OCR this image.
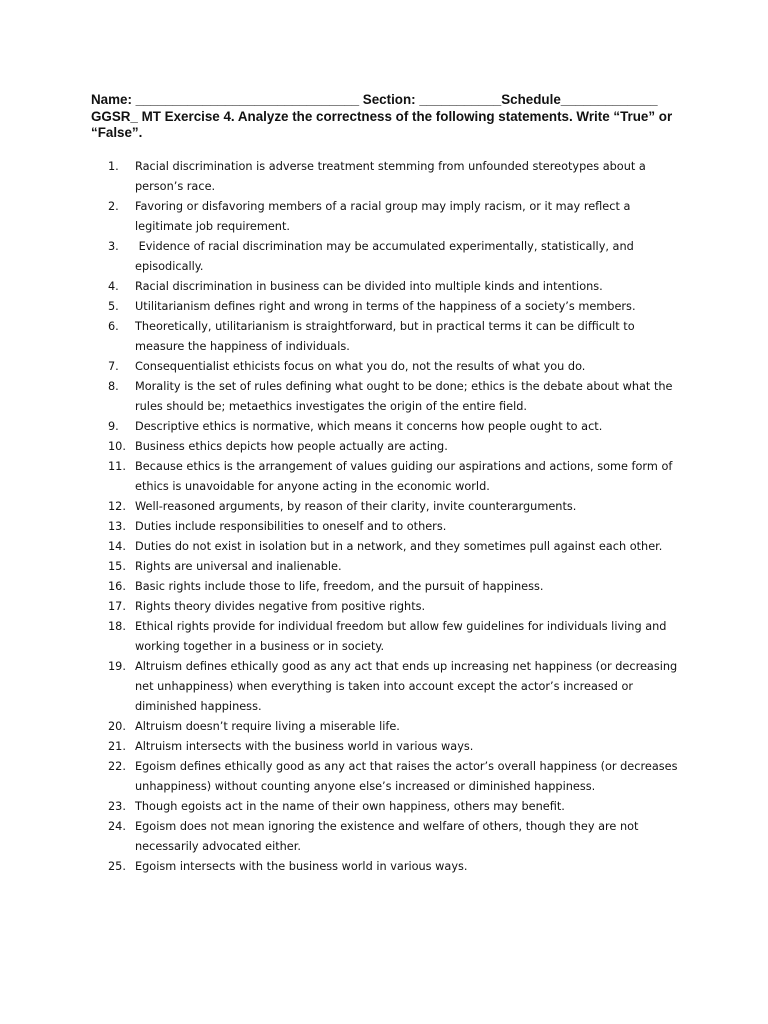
Name: ______________________________ Section: ___________Schedule_____________
GGSR_ MT Exercise 4. Analyze the correctness of the following statements. Write “True” or “False”.
1.	Racial discrimination is adverse treatment stemming from unfounded stereotypes about a person’s race.
2.	Favoring or disfavoring members of a racial group may imply racism, or it may reflect a legitimate job requirement.
3.	Evidence of racial discrimination may be accumulated experimentally, statistically, and episodically.
4.	Racial discrimination in business can be divided into multiple kinds and intentions.
5.	Utilitarianism defines right and wrong in terms of the happiness of a society’s members.
6.	Theoretically, utilitarianism is straightforward, but in practical terms it can be difficult to measure the happiness of individuals.
7.	Consequentialist ethicists focus on what you do, not the results of what you do.
8.	Morality is the set of rules defining what ought to be done; ethics is the debate about what the rules should be; metaethics investigates the origin of the entire field.
9.	Descriptive ethics is normative, which means it concerns how people ought to act.
10. Business ethics depicts how people actually are acting.
11. Because ethics is the arrangement of values guiding our aspirations and actions, some form of ethics is unavoidable for anyone acting in the economic world.
12. Well-reasoned arguments, by reason of their clarity, invite counterarguments.
13. Duties include responsibilities to oneself and to others.
14. Duties do not exist in isolation but in a network, and they sometimes pull against each other.
15. Rights are universal and inalienable.
16. Basic rights include those to life, freedom, and the pursuit of happiness.
17. Rights theory divides negative from positive rights.
18. Ethical rights provide for individual freedom but allow few guidelines for individuals living and working together in a business or in society.
19. Altruism defines ethically good as any act that ends up increasing net happiness (or decreasing net unhappiness) when everything is taken into account except the actor’s increased or diminished happiness.
20. Altruism doesn’t require living a miserable life.
21. Altruism intersects with the business world in various ways.
22. Egoism defines ethically good as any act that raises the actor’s overall happiness (or decreases unhappiness) without counting anyone else’s increased or diminished happiness.
23. Though egoists act in the name of their own happiness, others may benefit.
24. Egoism does not mean ignoring the existence and welfare of others, though they are not necessarily advocated either.
25. Egoism intersects with the business world in various ways.
